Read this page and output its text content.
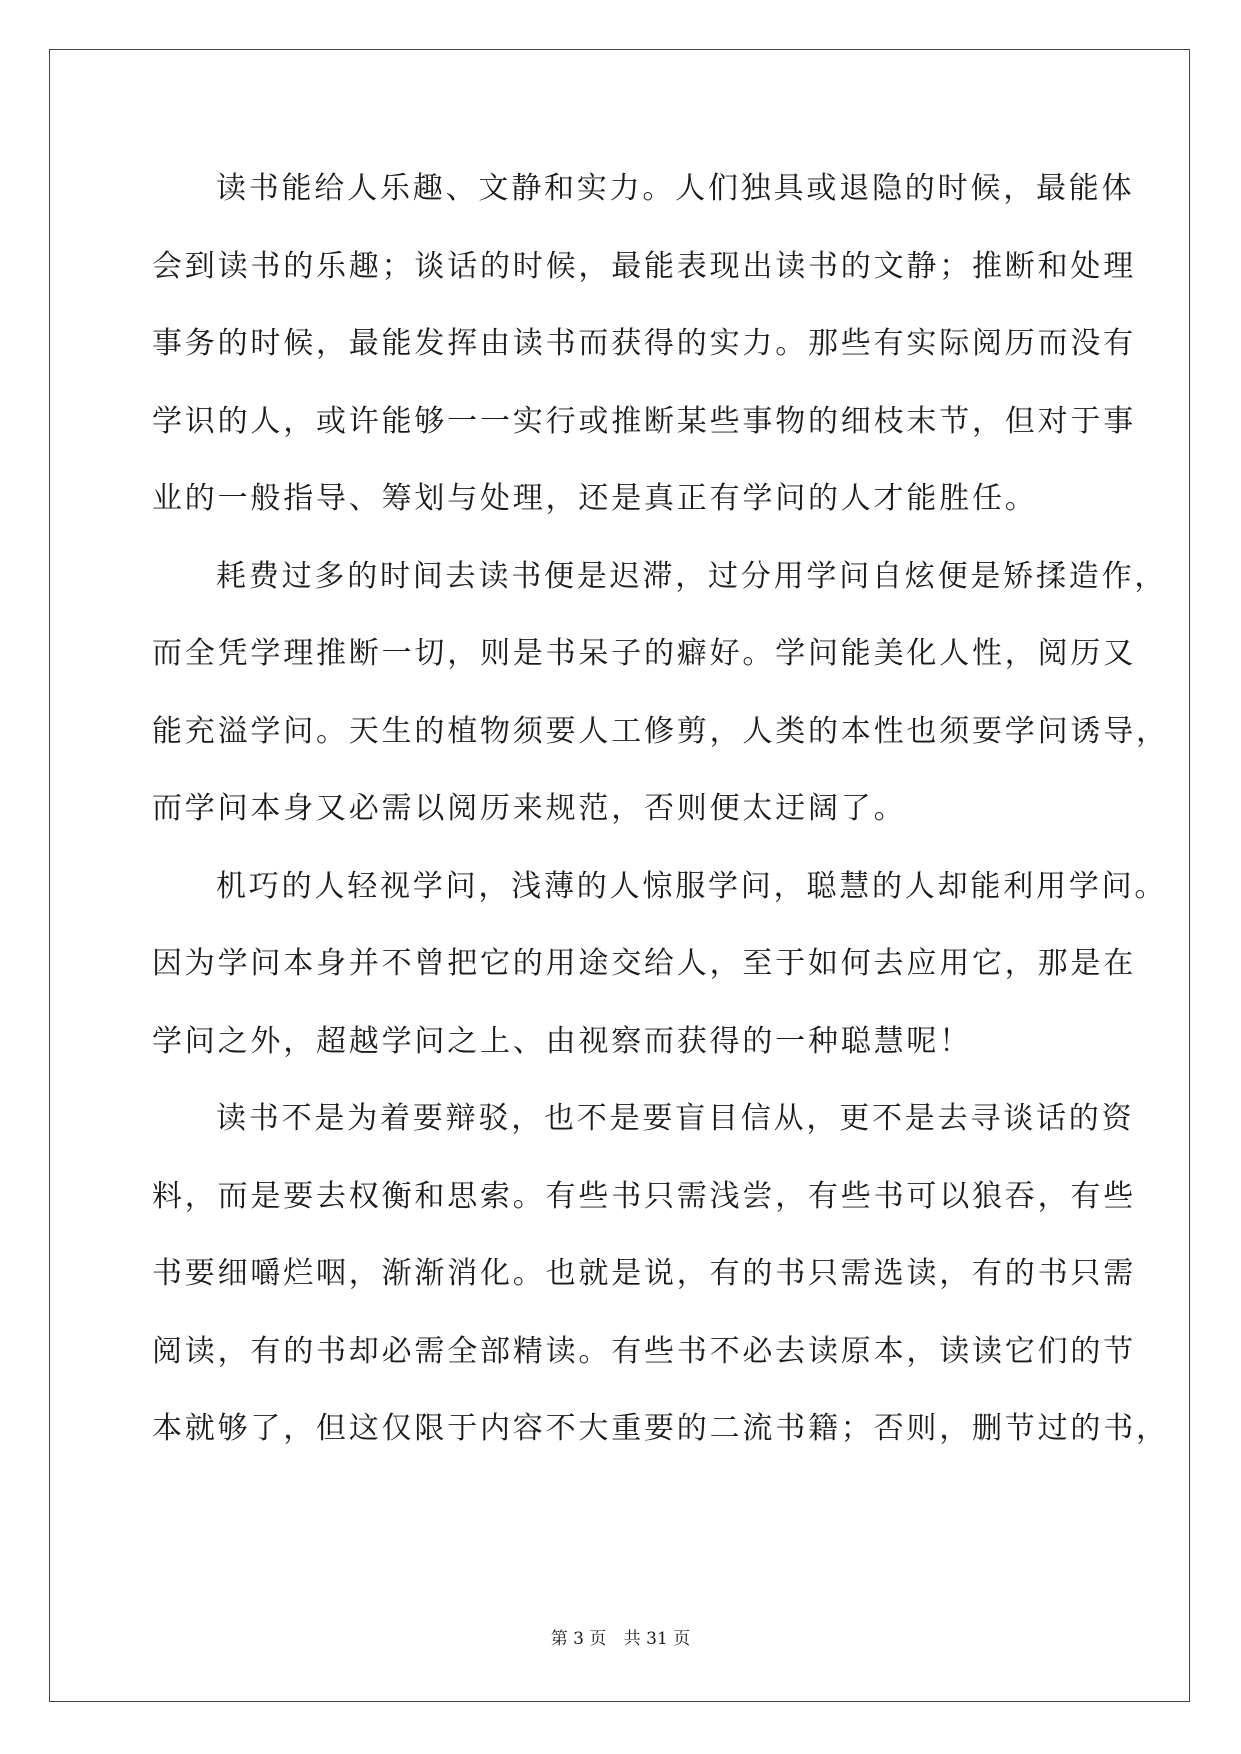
读书能给人乐趣、文静和实力。人们独具或退隐的时候，最能体
会到读书的乐趣；谈话的时候，最能表现出读书的文静；推断和处理
事务的时候，最能发挥由读书而获得的实力。那些有实际阅历而没有
学识的人，或许能够一一实行或推断某些事物的细枝末节，但对于事
业的一般指导、筹划与处理，还是真正有学问的人才能胜任。
耗费过多的时间去读书便是迟滞，过分用学问自炫便是矫揉造作，
而全凭学理推断一切，则是书呆子的癖好。学问能美化人性，阅历又
能充溢学问。天生的植物须要人工修剪，人类的本性也须要学问诱导，
而学问本身又必需以阅历来规范，否则便太迂阔了。
机巧的人轻视学问，浅薄的人惊服学问，聪慧的人却能利用学问。
因为学问本身并不曾把它的用途交给人，至于如何去应用它，那是在
学问之外，超越学问之上、由视察而获得的一种聪慧呢！
读书不是为着要辩驳，也不是要盲目信从，更不是去寻谈话的资
料，而是要去权衡和思索。有些书只需浅尝，有些书可以狼吞，有些
书要细嚼烂咽，渐渐消化。也就是说，有的书只需选读，有的书只需
阅读，有的书却必需全部精读。有些书不必去读原本，读读它们的节
本就够了，但这仅限于内容不大重要的二流书籍；否则，删节过的书，
第 3 页 共 31 页
